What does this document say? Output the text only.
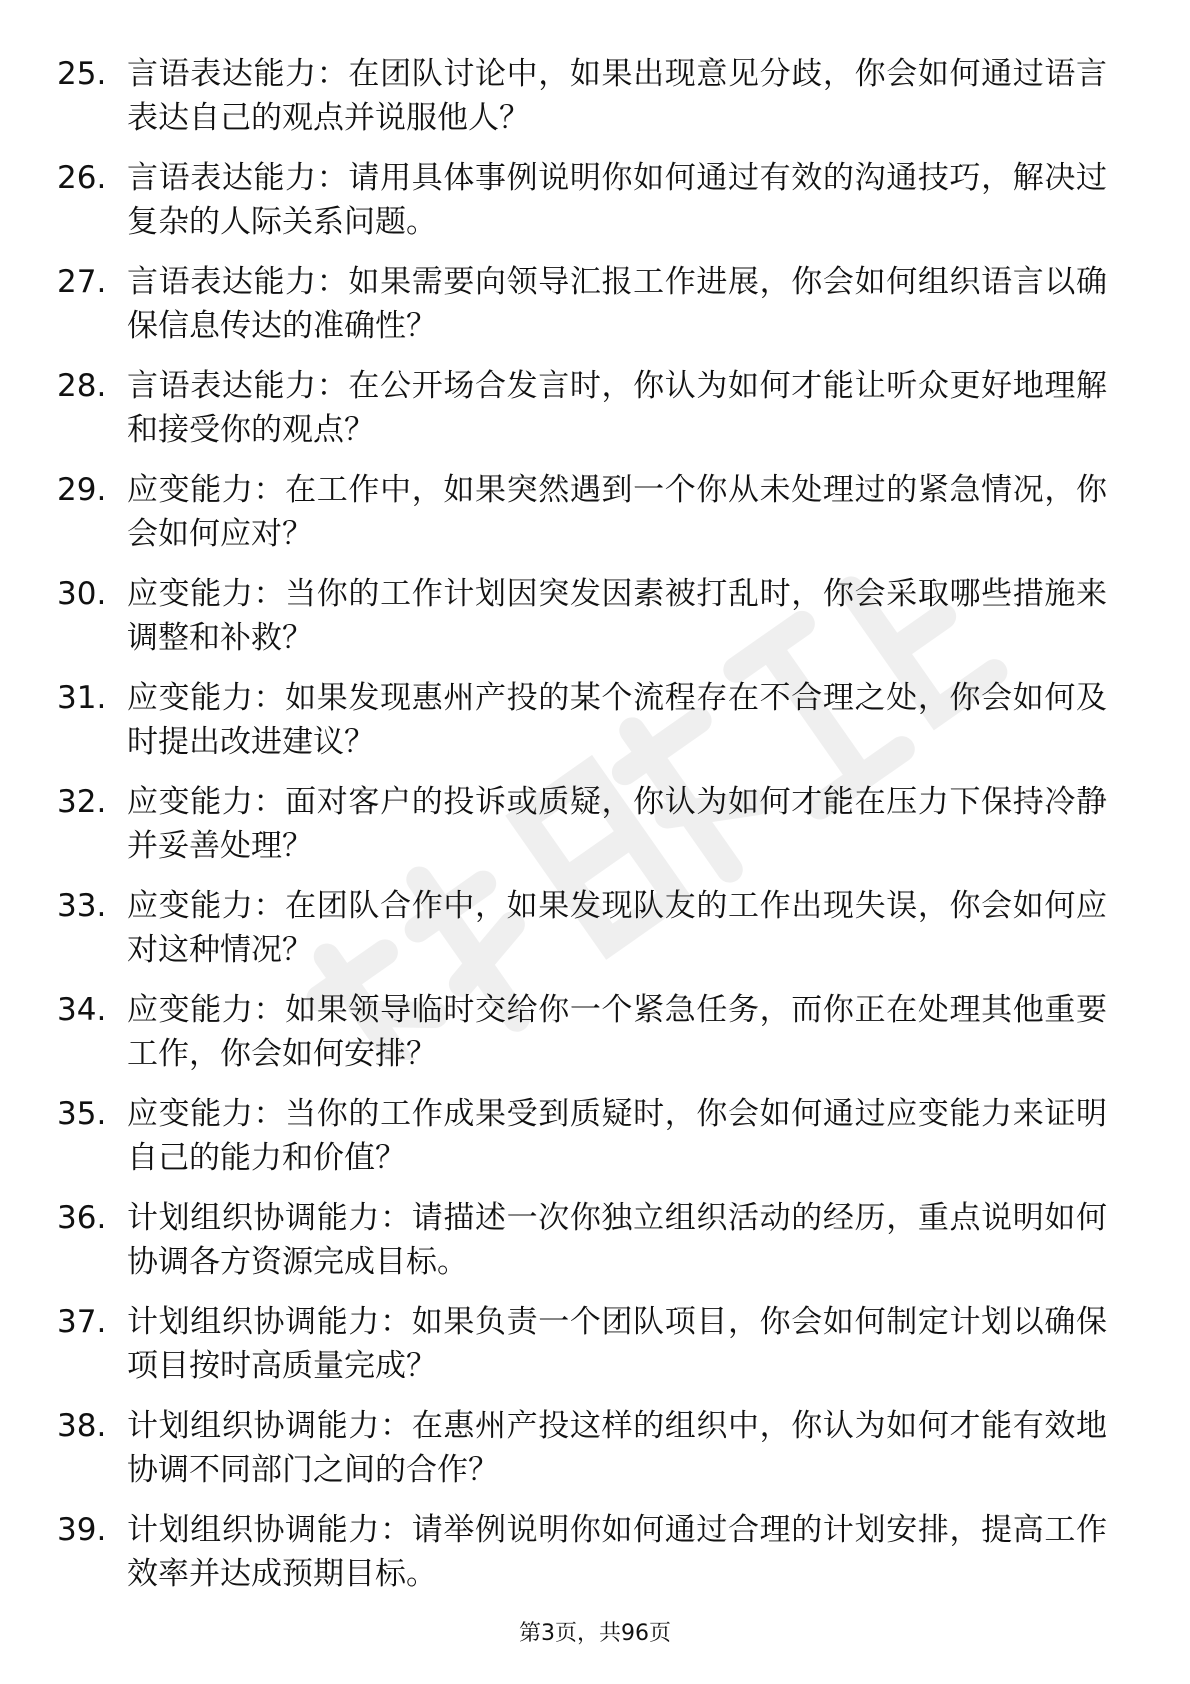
25. 言语表达能力：在团队讨论中，如果出现意见分歧，你会如何通过语言表达自己的观点并说服他人？
26. 言语表达能力：请用具体事例说明你如何通过有效的沟通技巧，解决过复杂的人际关系问题。
27. 言语表达能力：如果需要向领导汇报工作进展，你会如何组织语言以确保信息传达的准确性？
28. 言语表达能力：在公开场合发言时，你认为如何才能让听众更好地理解和接受你的观点？
29. 应变能力：在工作中，如果突然遇到一个你从未处理过的紧急情况，你会如何应对？
30. 应变能力：当你的工作计划因突发因素被打乱时，你会采取哪些措施来调整和补救？
31. 应变能力：如果发现惠州产投的某个流程存在不合理之处，你会如何及时提出改进建议？
32. 应变能力：面对客户的投诉或质疑，你认为如何才能在压力下保持冷静并妥善处理？
33. 应变能力：在团队合作中，如果发现队友的工作出现失误，你会如何应对这种情况？
34. 应变能力：如果领导临时交给你一个紧急任务，而你正在处理其他重要工作，你会如何安排？
35. 应变能力：当你的工作成果受到质疑时，你会如何通过应变能力来证明自己的能力和价值？
36. 计划组织协调能力：请描述一次你独立组织活动的经历，重点说明如何协调各方资源完成目标。
37. 计划组织协调能力：如果负责一个团队项目，你会如何制定计划以确保项目按时高质量完成？
38. 计划组织协调能力：在惠州产投这样的组织中，你认为如何才能有效地协调不同部门之间的合作？
39. 计划组织协调能力：请举例说明你如何通过合理的计划安排，提高工作效率并达成预期目标。
第3页，共96页
